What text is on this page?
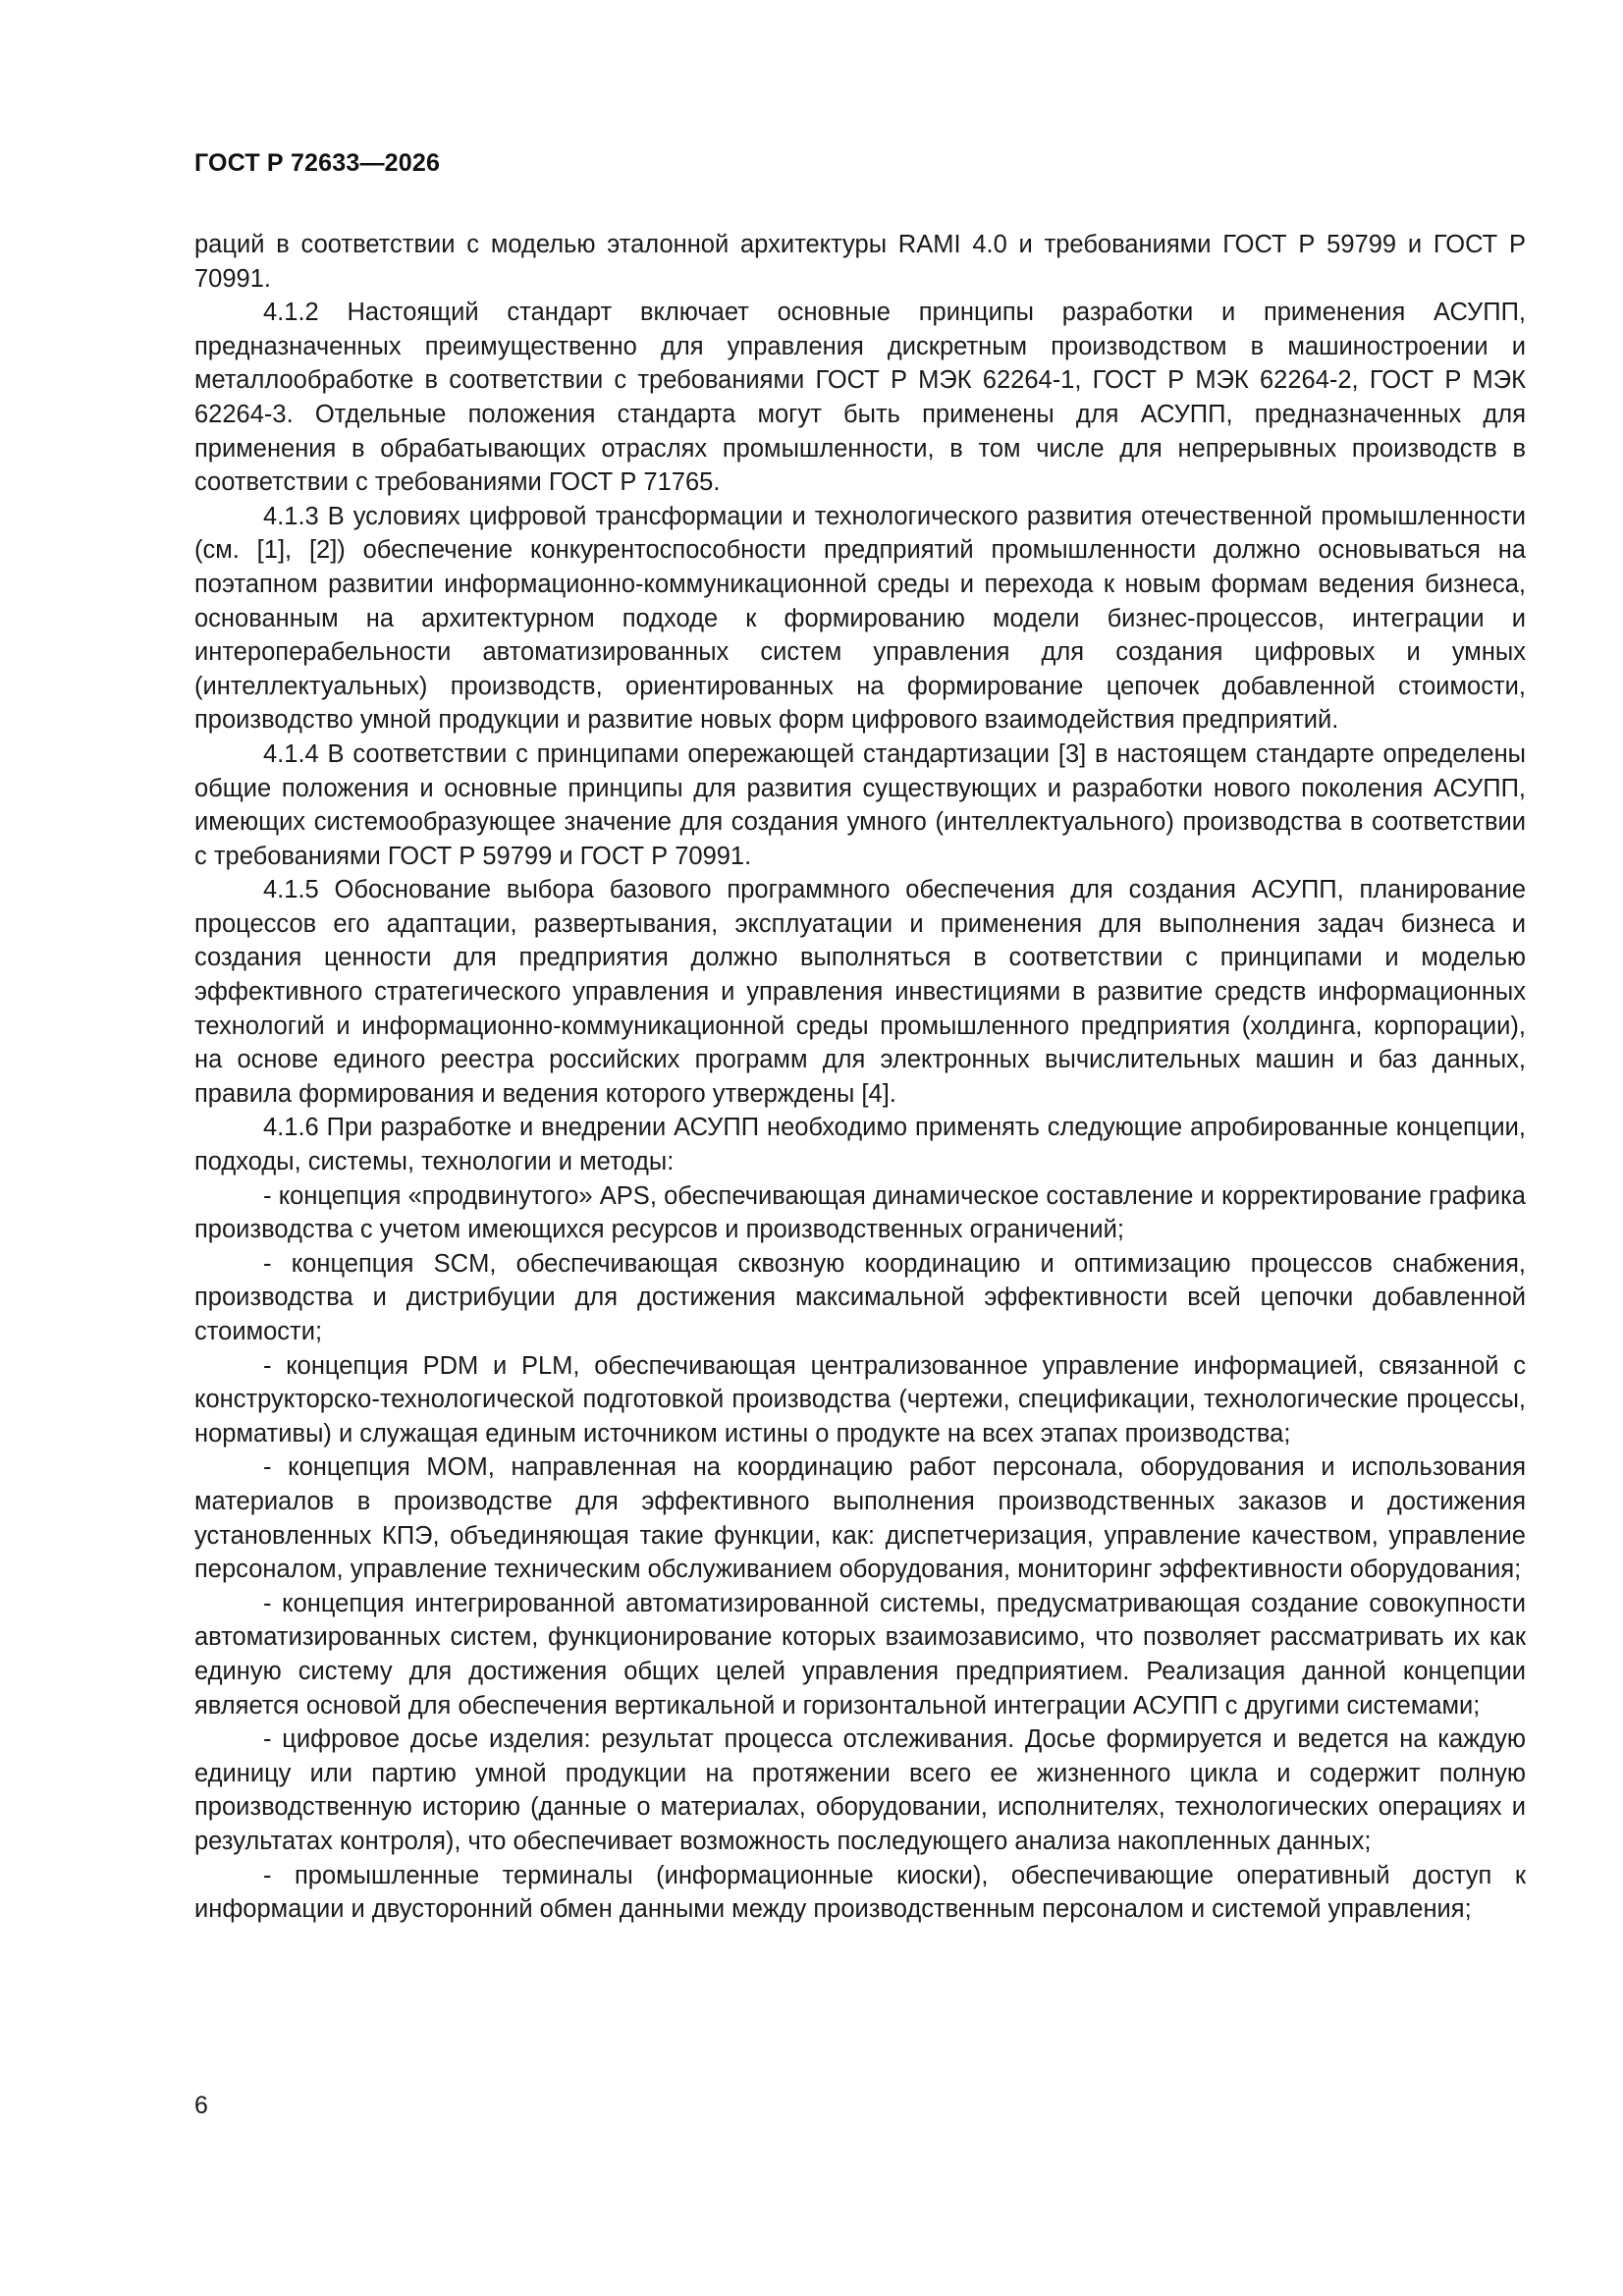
ГОСТ Р 72633—2026

раций в соответствии с моделью эталонной архитектуры RAMI 4.0 и требованиями ГОСТ Р 59799 и ГОСТ Р 70991.

4.1.2 Настоящий стандарт включает основные принципы разработки и применения АСУПП, предназначенных преимущественно для управления дискретным производством в машиностроении и металлообработке в соответствии с требованиями ГОСТ Р МЭК 62264-1, ГОСТ Р МЭК 62264-2, ГОСТ Р МЭК 62264-3. Отдельные положения стандарта могут быть применены для АСУПП, предназначенных для применения в обрабатывающих отраслях промышленности, в том числе для непрерывных производств в соответствии с требованиями ГОСТ Р 71765.

4.1.3 В условиях цифровой трансформации и технологического развития отечественной промышленности (см. [1], [2]) обеспечение конкурентоспособности предприятий промышленности должно основываться на поэтапном развитии информационно-коммуникационной среды и перехода к новым формам ведения бизнеса, основанным на архитектурном подходе к формированию модели бизнес-процессов, интеграции и интероперабельности автоматизированных систем управления для создания цифровых и умных (интеллектуальных) производств, ориентированных на формирование цепочек добавленной стоимости, производство умной продукции и развитие новых форм цифрового взаимодействия предприятий.

4.1.4 В соответствии с принципами опережающей стандартизации [3] в настоящем стандарте определены общие положения и основные принципы для развития существующих и разработки нового поколения АСУПП, имеющих системообразующее значение для создания умного (интеллектуального) производства в соответствии с требованиями ГОСТ Р 59799 и ГОСТ Р 70991.

4.1.5 Обоснование выбора базового программного обеспечения для создания АСУПП, планирование процессов его адаптации, развертывания, эксплуатации и применения для выполнения задач бизнеса и создания ценности для предприятия должно выполняться в соответствии с принципами и моделью эффективного стратегического управления и управления инвестициями в развитие средств информационных технологий и информационно-коммуникационной среды промышленного предприятия (холдинга, корпорации), на основе единого реестра российских программ для электронных вычислительных машин и баз данных, правила формирования и ведения которого утверждены [4].

4.1.6 При разработке и внедрении АСУПП необходимо применять следующие апробированные концепции, подходы, системы, технологии и методы:

- концепция «продвинутого» APS, обеспечивающая динамическое составление и корректирование графика производства с учетом имеющихся ресурсов и производственных ограничений;

- концепция SCM, обеспечивающая сквозную координацию и оптимизацию процессов снабжения, производства и дистрибуции для достижения максимальной эффективности всей цепочки добавленной стоимости;

- концепция PDM и PLM, обеспечивающая централизованное управление информацией, связанной с конструкторско-технологической подготовкой производства (чертежи, спецификации, технологические процессы, нормативы) и служащая единым источником истины о продукте на всех этапах производства;

- концепция MOM, направленная на координацию работ персонала, оборудования и использования материалов в производстве для эффективного выполнения производственных заказов и достижения установленных КПЭ, объединяющая такие функции, как: диспетчеризация, управление качеством, управление персоналом, управление техническим обслуживанием оборудования, мониторинг эффективности оборудования;

- концепция интегрированной автоматизированной системы, предусматривающая создание совокупности автоматизированных систем, функционирование которых взаимозависимо, что позволяет рассматривать их как единую систему для достижения общих целей управления предприятием. Реализация данной концепции является основой для обеспечения вертикальной и горизонтальной интеграции АСУПП с другими системами;

- цифровое досье изделия: результат процесса отслеживания. Досье формируется и ведется на каждую единицу или партию умной продукции на протяжении всего ее жизненного цикла и содержит полную производственную историю (данные о материалах, оборудовании, исполнителях, технологических операциях и результатах контроля), что обеспечивает возможность последующего анализа накопленных данных;

- промышленные терминалы (информационные киоски), обеспечивающие оперативный доступ к информации и двусторонний обмен данными между производственным персоналом и системой управления;

6
